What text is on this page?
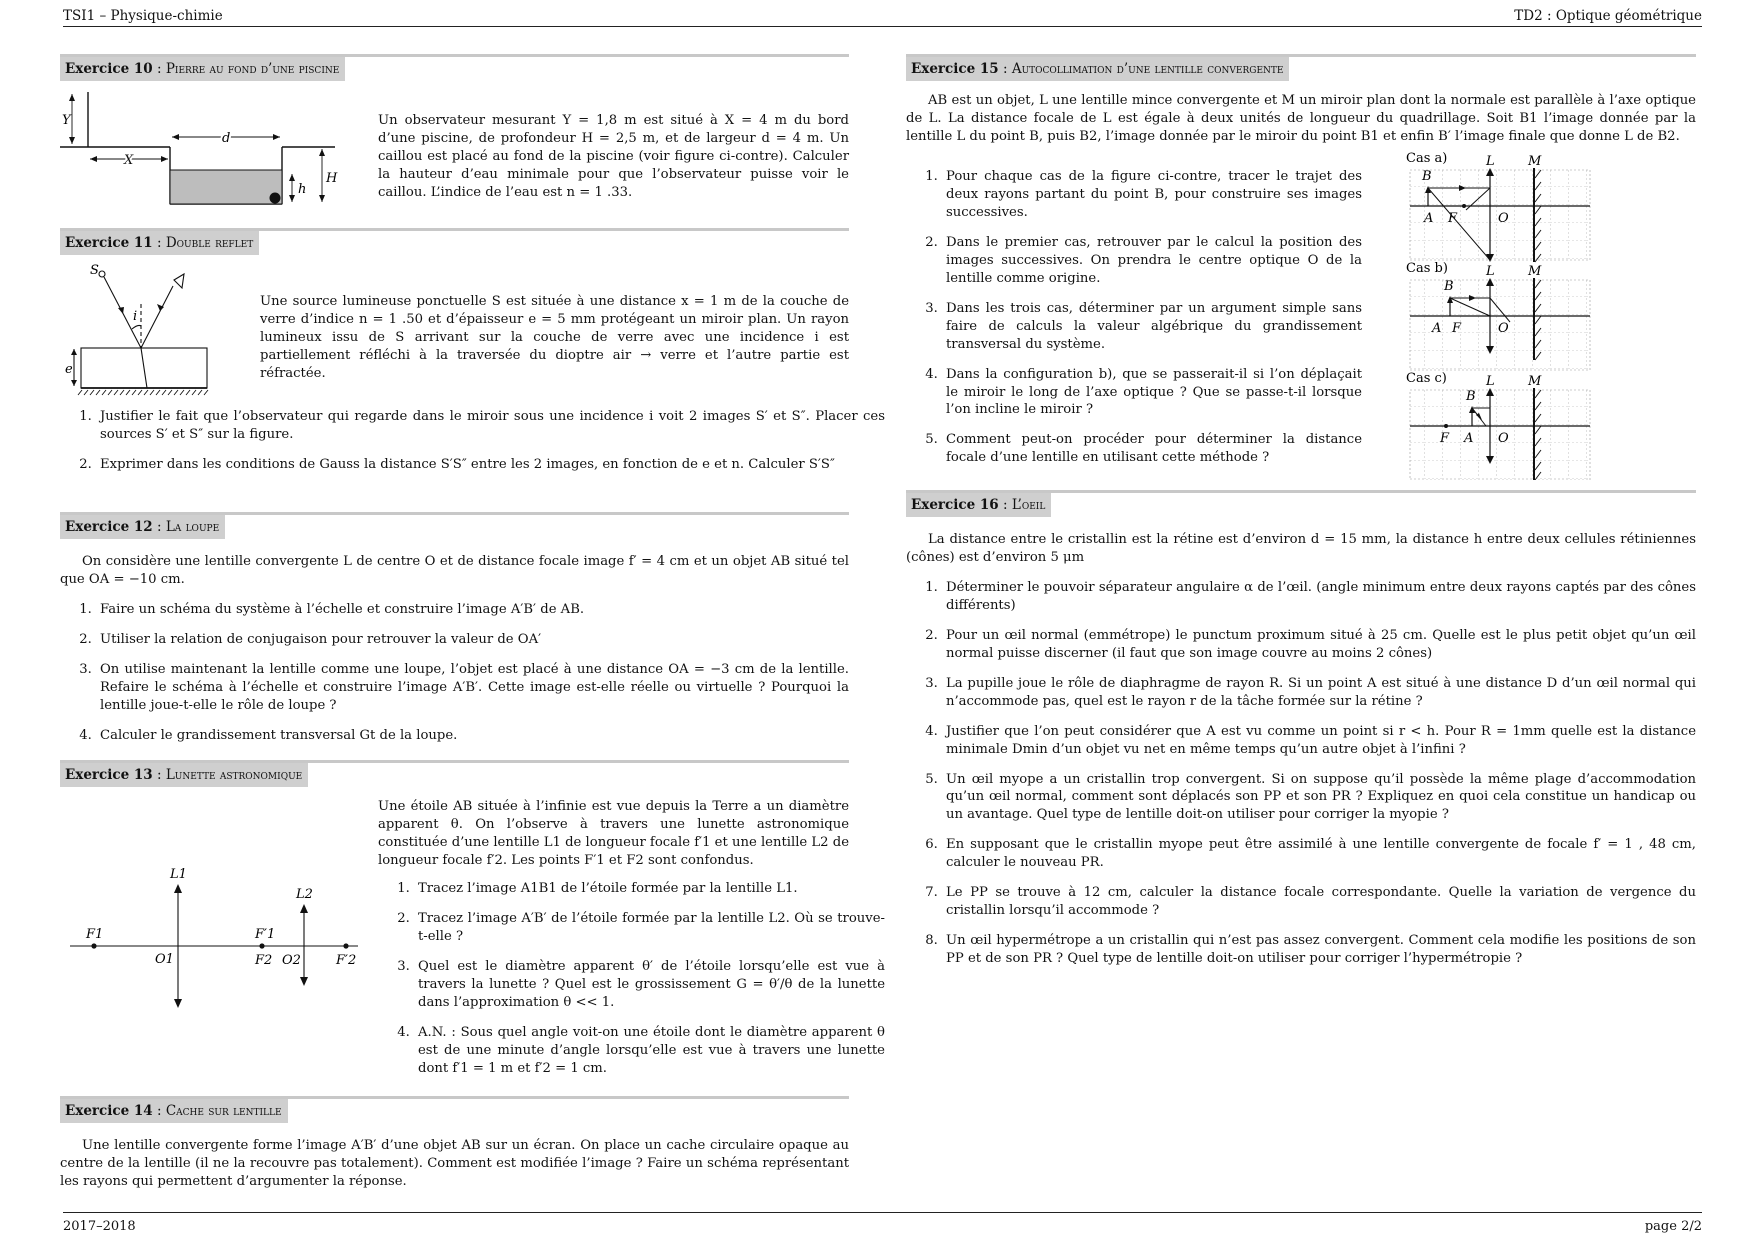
TSI1 – Physique-chimie	TD2 : Optique géométrique
Exercice 10 : Pierre au fond d’une piscine
Y
X
d
h
H

Un observateur mesurant Y = 1,8 m est situé à X = 4 m du bord d’une piscine, de profondeur H = 2,5 m, et de largeur d = 4 m. Un caillou est placé au fond de la piscine (voir figure ci-contre). Calculer la hauteur d’eau minimale pour que l’observateur puisse voir le caillou. L’indice de l’eau est n = 1 .33.

Exercice 11 : Double reflet
S
i
e

Une source lumineuse ponctuelle S est située à une distance x = 1 m de la couche de verre d’indice n = 1 .50 et d’épaisseur e = 5 mm protégeant un miroir plan. Un rayon lumineux issu de S arrivant sur la couche de verre avec une incidence i est partiellement réfléchi à la traversée du dioptre air → verre et l’autre partie est réfractée.

1. Justifier le fait que l’observateur qui regarde dans le miroir sous une incidence i voit 2 images S′ et S″. Placer ces sources S′ et S″ sur la figure.
2. Exprimer dans les conditions de Gauss la distance S′S″ entre les 2 images, en fonction de e et n. Calculer S′S″
Exercice 12 : La loupe

On considère une lentille convergente L de centre O et de distance focale image f′ = 4 cm et un objet AB situé tel que OA = −10 cm.

1. Faire un schéma du système à l’échelle et construire l’image A′B′ de AB.
2. Utiliser la relation de conjugaison pour retrouver la valeur de OA′
3. On utilise maintenant la lentille comme une loupe, l’objet est placé à une distance OA = −3 cm de la lentille. Refaire le schéma à l’échelle et construire l’image A′B′. Cette image est-elle réelle ou virtuelle ? Pourquoi la lentille joue-t-elle le rôle de loupe ?
4. Calculer le grandissement transversal Gt de la loupe.
Exercice 13 : Lunette astronomique
L1
L2
F1
O1
F′1
F2 O2	F′2

Une étoile AB située à l’infinie est vue depuis la Terre a un diamètre apparent θ. On l’observe à travers une lunette astronomique constituée d’une lentille L1 de longueur focale f′1 et une lentille L2 de longueur focale f′2. Les points F′1 et F2 sont confondus.

1. Tracez l’image A1B1 de l’étoile formée par la lentille L1.
2. Tracez l’image A′B′ de l’étoile formée par la lentille L2. Où se trouve-t-elle ?
3. Quel est le diamètre apparent θ′ de l’étoile lorsqu’elle est vue à travers la lunette ? Quel est le grossissement G = θ′/θ de la lunette dans l’approximation θ << 1.
4. A.N. : Sous quel angle voit-on une étoile dont le diamètre apparent θ est de une minute d’angle lorsqu’elle est vue à travers une lunette dont f′1 = 1 m et f′2 = 1 cm.
Exercice 14 : Cache sur lentille

Une lentille convergente forme l’image A′B′ d’une objet AB sur un écran. On place un cache circulaire opaque au centre de la lentille (il ne la recouvre pas totalement). Comment est modifiée l’image ? Faire un schéma représentant les rayons qui permettent d’argumenter la réponse.

Exercice 15 : Autocollimation d’une lentille convergente

AB est un objet, L une lentille mince convergente et M un miroir plan dont la normale est parallèle à l’axe optique de L. La distance focale de L est égale à deux unités de longueur du quadrillage. Soit B1 l’image donnée par la lentille L du point B, puis B2, l’image donnée par le miroir du point B1 et enfin B′ l’image finale que donne L de B2.

1. Pour chaque cas de la figure ci-contre, tracer le trajet des deux rayons partant du point B, pour construire ses images successives.
2. Dans le premier cas, retrouver par le calcul la position des images successives. On prendra le centre optique O de la lentille comme origine.
3. Dans les trois cas, déterminer par un argument simple sans faire de calculs la valeur algébrique du grandissement transversal du système.
4. Dans la configuration b), que se passerait-il si l’on déplaçait le miroir le long de l’axe optique ? Que se passe-t-il lorsque l’on incline le miroir ?
5. Comment peut-on procéder pour déterminer la distance focale d’une lentille en utilisant cette méthode ?
Cas a)	L	M
B
A F	O
Cas b)	L	M
B
A F	O
Cas c)	L	M
B
F A O
Exercice 16 : L’oeil

La distance entre le cristallin est la rétine est d’environ d = 15 mm, la distance h entre deux cellules rétiniennes (cônes) est d’environ 5 μm

1. Déterminer le pouvoir séparateur angulaire α de l’œil. (angle minimum entre deux rayons captés par des cônes différents)
2. Pour un œil normal (emmétrope) le punctum proximum situé à 25 cm. Quelle est le plus petit objet qu’un œil normal puisse discerner (il faut que son image couvre au moins 2 cônes)
3. La pupille joue le rôle de diaphragme de rayon R. Si un point A est situé à une distance D d’un œil normal qui n’accommode pas, quel est le rayon r de la tâche formée sur la rétine ?
4. Justifier que l’on peut considérer que A est vu comme un point si r < h. Pour R = 1mm quelle est la distance minimale Dmin d’un objet vu net en même temps qu’un autre objet à l’infini ?
5. Un œil myope a un cristallin trop convergent. Si on suppose qu’il possède la même plage d’accommodation qu’un œil normal, comment sont déplacés son PP et son PR ? Expliquez en quoi cela constitue un handicap ou un avantage. Quel type de lentille doit-on utiliser pour corriger la myopie ?
6. En supposant que le cristallin myope peut être assimilé à une lentille convergente de focale f′ = 1 , 48 cm, calculer le nouveau PR.
7. Le PP se trouve à 12 cm, calculer la distance focale correspondante. Quelle la variation de vergence du cristallin lorsqu’il accommode ?
8. Un œil hypermétrope a un cristallin qui n’est pas assez convergent. Comment cela modifie les positions de son PP et de son PR ? Quel type de lentille doit-on utiliser pour corriger l’hypermétropie ?
2017–2018	page 2/2
